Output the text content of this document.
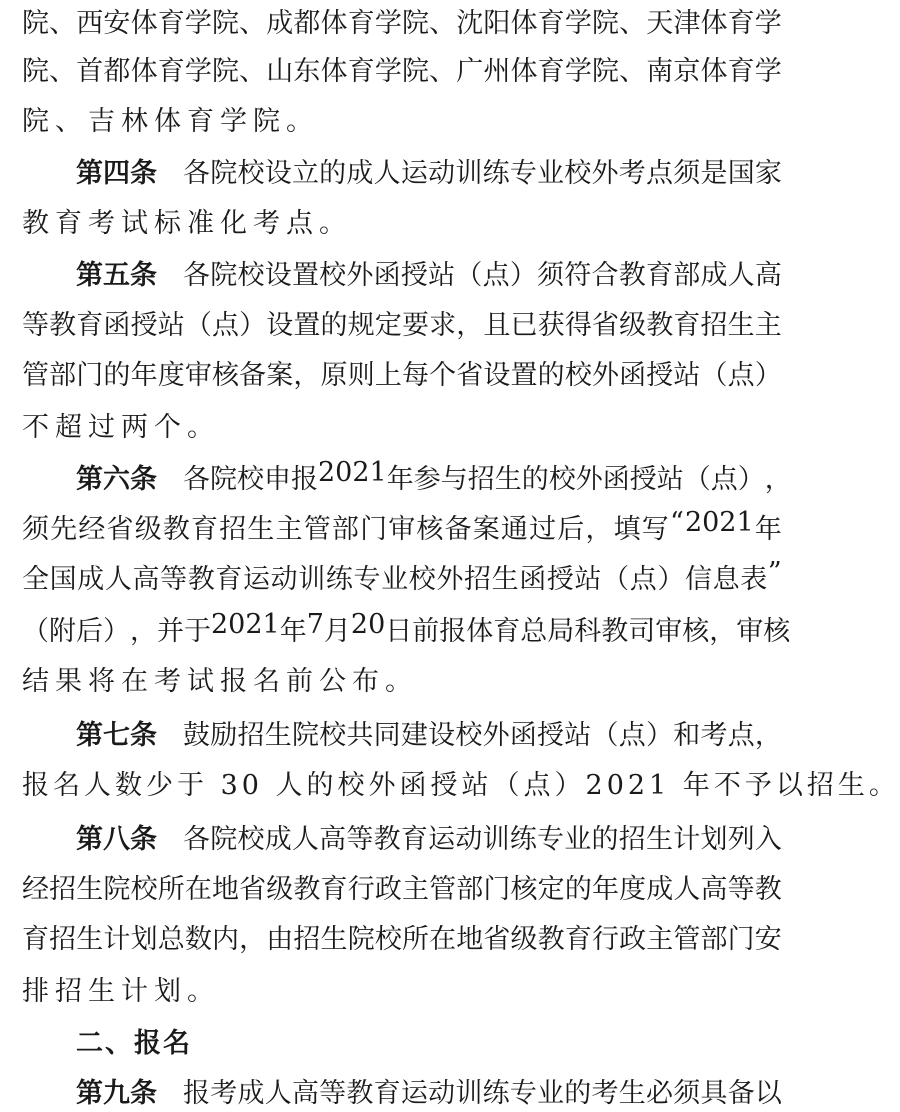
院 、 西 安 体 育 学 院 、 成 都 体 育 学 院 、 沈 阳 体 育 学 院 、 天 津 体 育 学
院 、 首 都 体 育 学 院 、 山 东 体 育 学 院 、 广 州 体 育 学 院 、 南 京 体 育 学
院、吉林体育学院。
第四条 各 院 校 设 立 的 成 人 运 动 训 练 专 业 校 外 考 点 须 是 国 家
教育考试标准化考点。
第五条 各 院 校 设 置 校 外 函 授 站 （ 点 ） 须 符 合 教 育 部 成 人 高
等 教 育 函 授 站 （ 点 ） 设 置 的 规 定 要 求 ， 且 已 获 得 省 级 教 育 招 生 主
管 部 门 的 年 度 审 核 备 案 ， 原 则 上 每 个 省 设 置 的 校 外 函 授 站 （ 点 ）
不超过两个。
第六条 各 院 校 申 报 2021 年 参 与 招 生 的 校 外 函 授 站 （ 点 ） ，
须 先 经 省 级 教 育 招 生 主 管 部 门 审 核 备 案 通 过 后 ， 填 写 “ 2021 年
全 国 成 人 高 等 教 育 运 动 训 练 专 业 校 外 招 生 函 授 站 （ 点 ） 信 息 表 ”
（ 附 后 ） ， 并 于 2021 年 7 月 20 日 前 报 体 育 总 局 科 教 司 审 核 ， 审 核
结果将在考试报名前公布。
第七条 鼓 励 招 生 院 校 共 同 建 设 校 外 函 授 站 （ 点 ） 和 考 点 ，
报名人数少于 30 人的校外函授站（点）2021 年不予以招生。
第八条 各 院 校 成 人 高 等 教 育 运 动 训 练 专 业 的 招 生 计 划 列 入
经 招 生 院 校 所 在 地 省 级 教 育 行 政 主 管 部 门 核 定 的 年 度 成 人 高 等 教
育 招 生 计 划 总 数 内 ， 由 招 生 院 校 所 在 地 省 级 教 育 行 政 主 管 部 门 安
排招生计划。
二、报名
第九条 报 考 成 人 高 等 教 育 运 动 训 练 专 业 的 考 生 必 须 具 备 以
